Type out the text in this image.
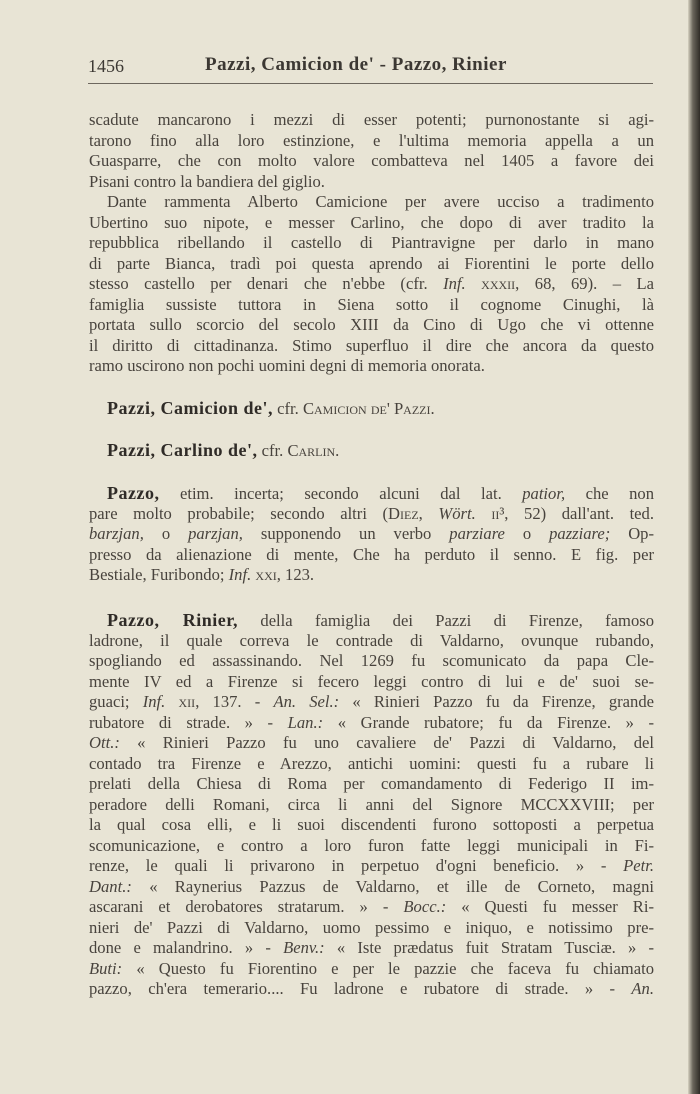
1456	Pazzi, Camicion de' - Pazzo, Rinier
scadute mancarono i mezzi di esser potenti; purnonostante si agi-
tarono fino alla loro estinzione, e l'ultima memoria appella a un
Guasparre, che con molto valore combatteva nel 1405 a favore dei
Pisani contro la bandiera del giglio.
Dante rammenta Alberto Camicione per avere ucciso a tradimento
Ubertino suo nipote, e messer Carlino, che dopo di aver tradito la
repubblica ribellando il castello di Piantravigne per darlo in mano
di parte Bianca, tradì poi questa aprendo ai Fiorentini le porte dello
stesso castello per denari che n'ebbe (cfr. Inf. xxxii, 68, 69). – La
famiglia sussiste tuttora in Siena sotto il cognome Cinughi, là
portata sullo scorcio del secolo XIII da Cino di Ugo che vi ottenne
il diritto di cittadinanza. Stimo superfluo il dire che ancora da questo
ramo uscirono non pochi uomini degni di memoria onorata.
Pazzi, Camicion de', cfr. Camicion de' Pazzi.
Pazzi, Carlino de', cfr. Carlin.
Pazzo, etim. incerta; secondo alcuni dal lat. patior, che non
pare molto probabile; secondo altri (Diez, Wört. ii³, 52) dall'ant. ted.
barzjan, o parzjan, supponendo un verbo parziare o pazziare; Op-
presso da alienazione di mente, Che ha perduto il senno. E fig. per
Bestiale, Furibondo; Inf. xxi, 123.
Pazzo, Rinier, della famiglia dei Pazzi di Firenze, famoso
ladrone, il quale correva le contrade di Valdarno, ovunque rubando,
spogliando ed assassinando. Nel 1269 fu scomunicato da papa Cle-
mente IV ed a Firenze si fecero leggi contro di lui e de' suoi se-
guaci; Inf. xii, 137. - An. Sel.: « Rinieri Pazzo fu da Firenze, grande
rubatore di strade. » - Lan.: « Grande rubatore; fu da Firenze. » -
Ott.: « Rinieri Pazzo fu uno cavaliere de' Pazzi di Valdarno, del
contado tra Firenze e Arezzo, antichi uomini: questi fu a rubare li
prelati della Chiesa di Roma per comandamento di Federigo II im-
peradore delli Romani, circa li anni del Signore MCCXXVIII; per
la qual cosa elli, e li suoi discendenti furono sottoposti a perpetua
scomunicazione, e contro a loro furon fatte leggi municipali in Fi-
renze, le quali li privarono in perpetuo d'ogni beneficio. » - Petr.
Dant.: « Raynerius Pazzus de Valdarno, et ille de Corneto, magni
ascarani et derobatores stratarum. » - Bocc.: « Questi fu messer Ri-
nieri de' Pazzi di Valdarno, uomo pessimo e iniquo, e notissimo pre-
done e malandrino. » - Benv.: « Iste prædatus fuit Stratam Tusciæ. » -
Buti: « Questo fu Fiorentino e per le pazzie che faceva fu chiamato
pazzo, ch'era temerario.... Fu ladrone e rubatore di strade. » - An.
